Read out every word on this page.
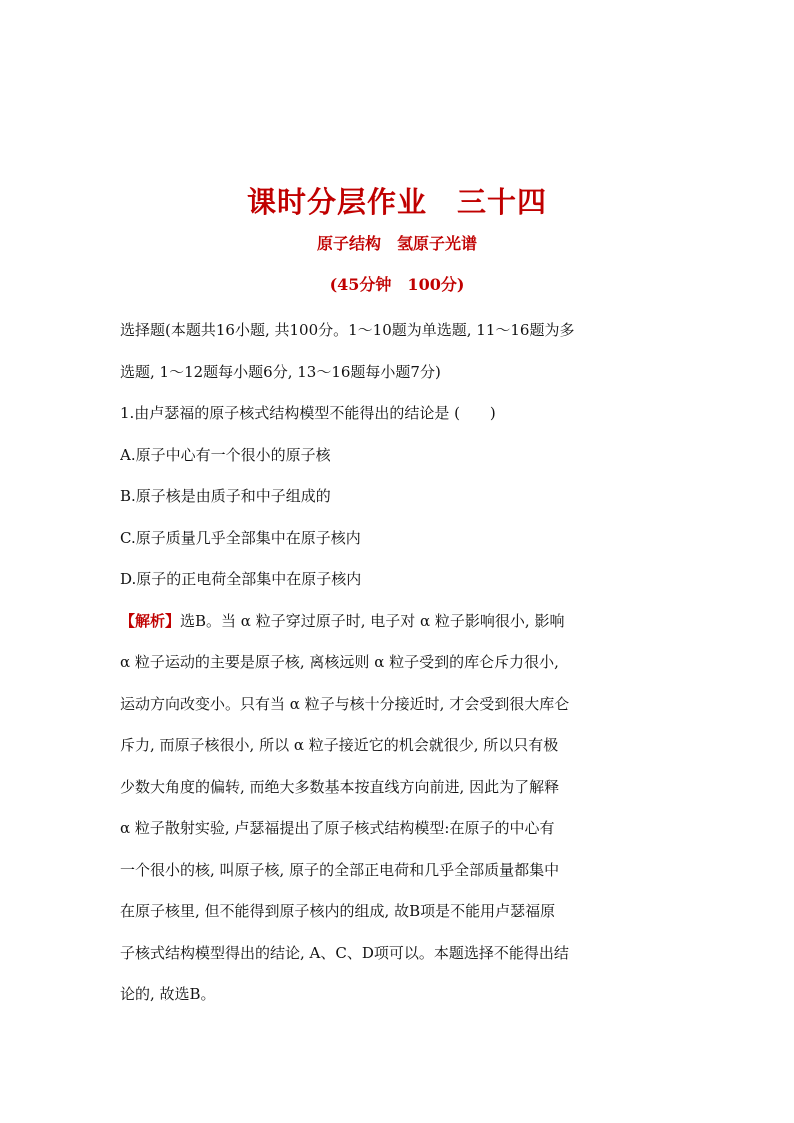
课时分层作业　三十四
原子结构　氢原子光谱
(45分钟　100分)
选择题(本题共16小题, 共100分。1～10题为单选题, 11～16题为多
选题, 1～12题每小题6分, 13～16题每小题7分)
1.由卢瑟福的原子核式结构模型不能得出的结论是 (　　)
A.原子中心有一个很小的原子核
B.原子核是由质子和中子组成的
C.原子质量几乎全部集中在原子核内
D.原子的正电荷全部集中在原子核内
【解析】选B。当 α 粒子穿过原子时, 电子对 α 粒子影响很小, 影响
α 粒子运动的主要是原子核, 离核远则 α 粒子受到的库仑斥力很小,
运动方向改变小。只有当 α 粒子与核十分接近时, 才会受到很大库仑
斥力, 而原子核很小, 所以 α 粒子接近它的机会就很少, 所以只有极
少数大角度的偏转, 而绝大多数基本按直线方向前进, 因此为了解释
α 粒子散射实验, 卢瑟福提出了原子核式结构模型:在原子的中心有
一个很小的核, 叫原子核, 原子的全部正电荷和几乎全部质量都集中
在原子核里, 但不能得到原子核内的组成, 故B项是不能用卢瑟福原
子核式结构模型得出的结论, A、C、D项可以。本题选择不能得出结
论的, 故选B。
